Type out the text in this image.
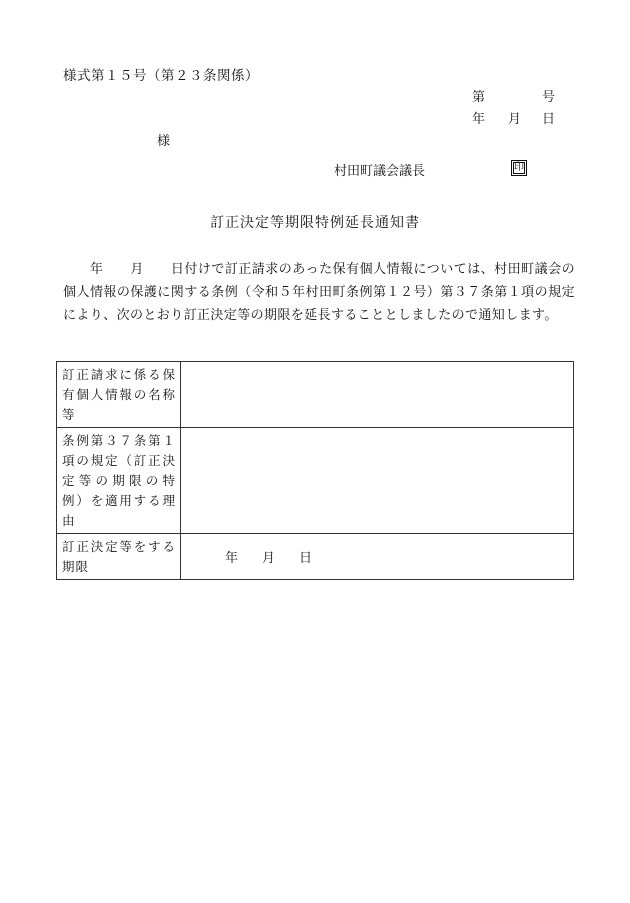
様式第１５号（第２３条関係）
第	号
年 月 日
様
村田町議会議長	印
訂正決定等期限特例延長通知書
　　年　　月　　日付けで訂正請求のあった保有個人情報については、村田町議会の個人情報の保護に関する条例（令和５年村田町条例第１２号）第３７条第１項の規定により、次のとおり訂正決定等の期限を延長することとしましたので通知します。
訂正請求に係る保有個人情報の名称等	
条例第３７条第１項の規定（訂正決定等の期限の特例）を適用する理由	
訂正決定等をする期限	年 月 日
